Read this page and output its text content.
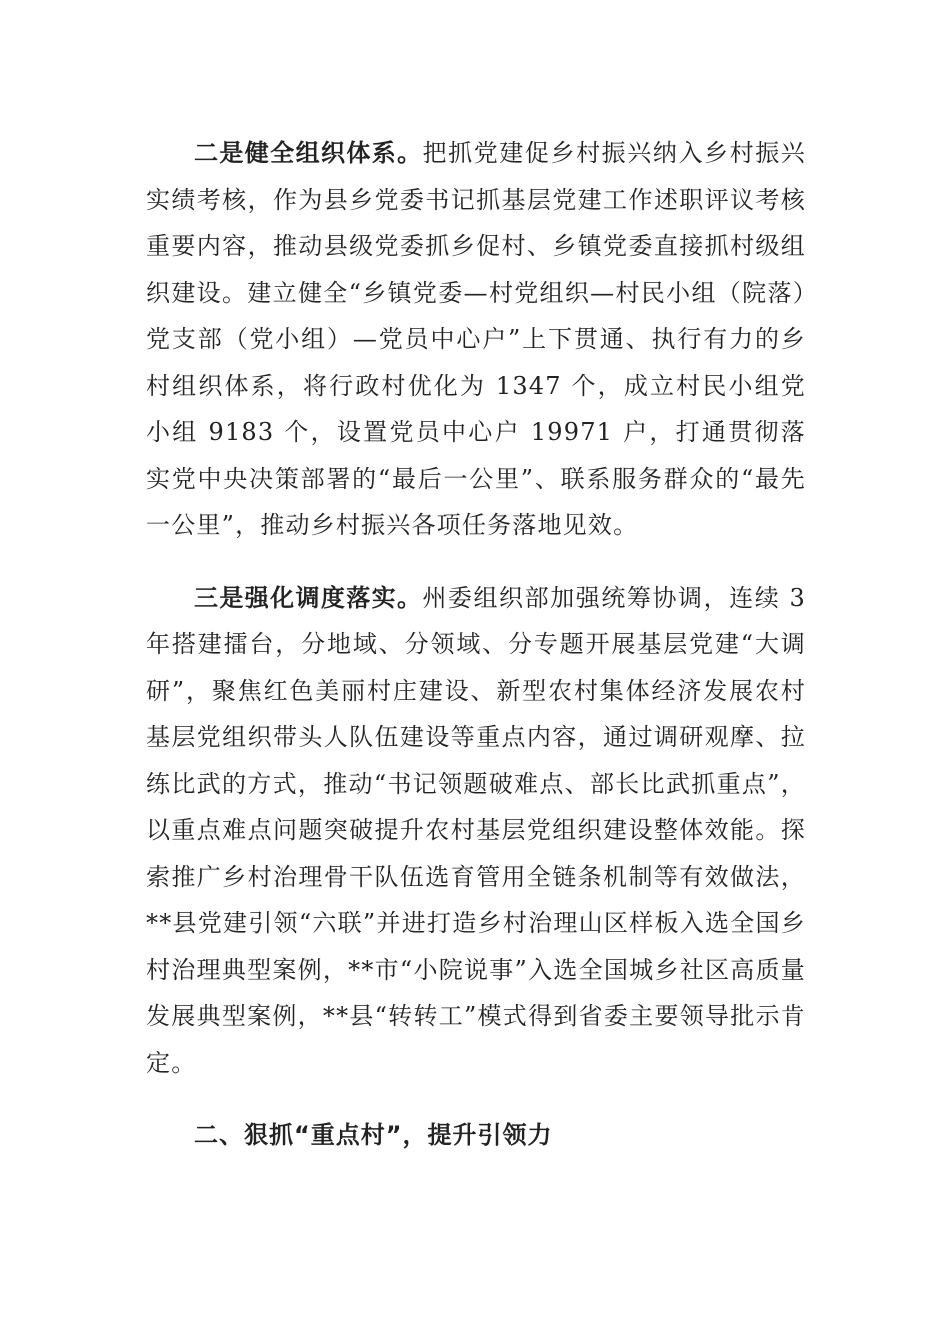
二是健全组织体系。把抓党建促乡村振兴纳入乡村振兴实绩考核，作为县乡党委书记抓基层党建工作述职评议考核重要内容，推动县级党委抓乡促村、乡镇党委直接抓村级组织建设。建立健全“乡镇党委—村党组织—村民小组（院落）党支部（党小组）—党员中心户”上下贯通、执行有力的乡村组织体系，将行政村优化为 1347 个，成立村民小组党小组 9183 个，设置党员中心户 19971 户，打通贯彻落实党中央决策部署的“最后一公里”、联系服务群众的“最先一公里”，推动乡村振兴各项任务落地见效。

三是强化调度落实。州委组织部加强统筹协调，连续 3 年搭建擂台，分地域、分领域、分专题开展基层党建“大调研”，聚焦红色美丽村庄建设、新型农村集体经济发展农村基层党组织带头人队伍建设等重点内容，通过调研观摩、拉练比武的方式，推动“书记领题破难点、部长比武抓重点”，以重点难点问题突破提升农村基层党组织建设整体效能。探索推广乡村治理骨干队伍选育管用全链条机制等有效做法，**县党建引领“六联”并进打造乡村治理山区样板入选全国乡村治理典型案例，**市“小院说事”入选全国城乡社区高质量发展典型案例，**县“转转工”模式得到省委主要领导批示肯定。

二、狠抓“重点村”，提升引领力
